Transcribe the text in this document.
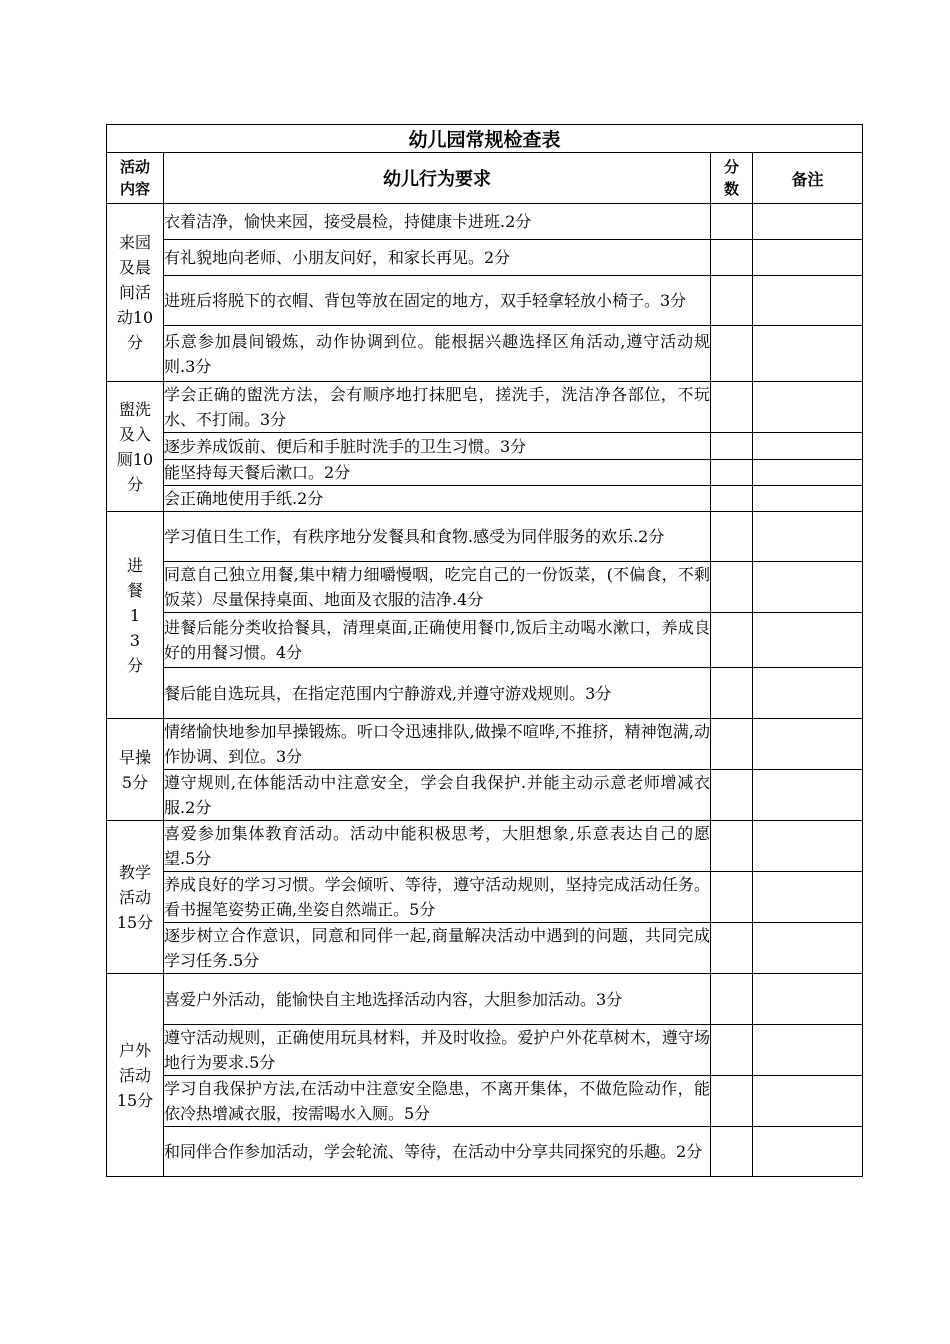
幼儿园常规检查表			

活动内容	幼儿行为要求	分数	备注

来园及晨间活动10分	衣着洁净，愉快来园，接受晨检，持健康卡进班.2分		
	有礼貌地向老师、小朋友问好，和家长再见。2分		
	进班后将脱下的衣帽、背包等放在固定的地方，双手轻拿轻放小椅子。3分		
	乐意参加晨间锻炼，动作协调到位。能根据兴趣选择区角活动,遵守活动规则.3分		

盥洗及入厕10分	学会正确的盥洗方法，会有顺序地打抹肥皂，搓洗手，洗洁净各部位，不玩水、不打闹。3分		
	逐步养成饭前、便后和手脏时洗手的卫生习惯。3分		
	能坚持每天餐后漱口。2分		
	会正确地使用手纸.2分		

进餐13分	学习值日生工作，有秩序地分发餐具和食物.感受为同伴服务的欢乐.2分		
	同意自己独立用餐,集中精力细嚼慢咽，吃完自己的一份饭菜，(不偏食，不剩饭菜）尽量保持桌面、地面及衣服的洁净.4分		
	进餐后能分类收拾餐具，清理桌面,正确使用餐巾,饭后主动喝水漱口，养成良好的用餐习惯。4分		
	餐后能自选玩具，在指定范围内宁静游戏,并遵守游戏规则。3分		

早操5分	情绪愉快地参加早操锻炼。听口令迅速排队,做操不喧哗,不推挤，精神饱满,动作协调、到位。3分		
	遵守规则,在体能活动中注意安全，学会自我保护.并能主动示意老师增减衣服.2分		

教学活动15分	喜爱参加集体教育活动。活动中能积极思考，大胆想象,乐意表达自己的愿望.5分		
	养成良好的学习习惯。学会倾听、等待，遵守活动规则，坚持完成活动任务。看书握笔姿势正确,坐姿自然端正。5分		
	逐步树立合作意识，同意和同伴一起,商量解决活动中遇到的问题，共同完成学习任务.5分		

户外活动15分	喜爱户外活动，能愉快自主地选择活动内容，大胆参加活动。3分		
	遵守活动规则，正确使用玩具材料，并及时收捡。爱护户外花草树木，遵守场地行为要求.5分		
	学习自我保护方法,在活动中注意安全隐患，不离开集体，不做危险动作，能依冷热增减衣服，按需喝水入厕。5分		
	和同伴合作参加活动，学会轮流、等待，在活动中分享共同探究的乐趣。2分		
